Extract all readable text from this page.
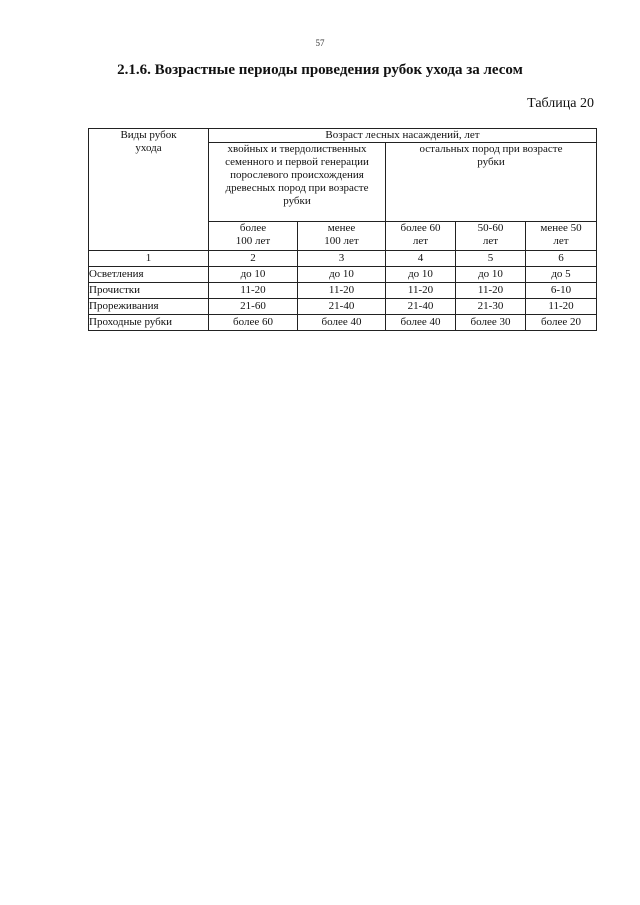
57
2.1.6. Возрастные периоды проведения рубок ухода за лесом
Таблица 20
Виды рубок ухода	Возраст лесных насаждений, лет				
	хвойных и твердолиственных семенного и первой генерации порослевого происхождения древесных пород при возрасте рубки		остальных пород при возрасте рубки		
	более 100 лет	менее 100 лет	более 60 лет	50-60 лет	менее 50 лет
1	2	3	4	5	6
Осветления	до 10	до 10	до 10	до 10	до 5
Прочистки	11-20	11-20	11-20	11-20	6-10
Прореживания	21-60	21-40	21-40	21-30	11-20
Проходные рубки	более 60	более 40	более 40	более 30	более 20
